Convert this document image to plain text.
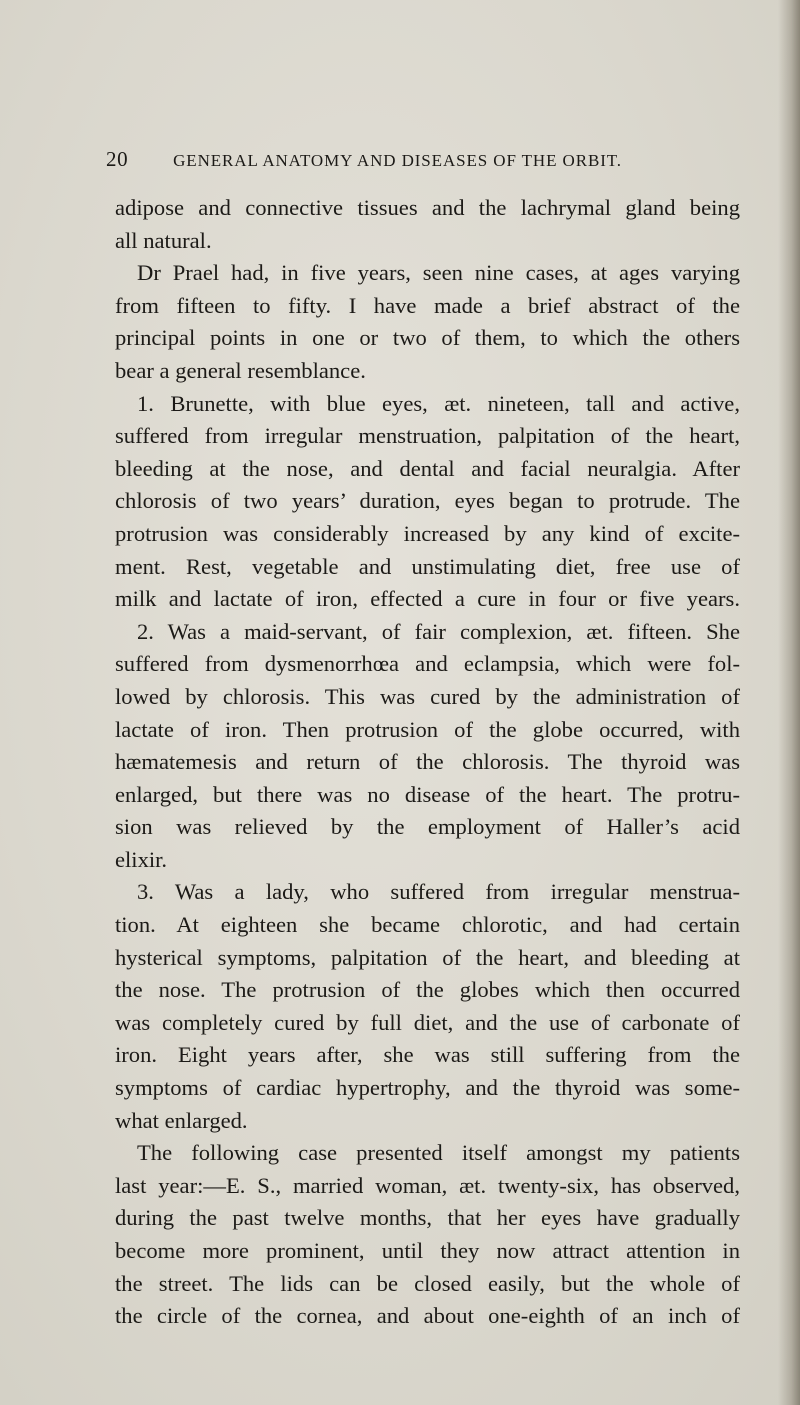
20	GENERAL ANATOMY AND DISEASES OF THE ORBIT.
adipose and connective tissues and the lachrymal gland being
all natural.
Dr Prael had, in five years, seen nine cases, at ages varying
from fifteen to fifty. I have made a brief abstract of the
principal points in one or two of them, to which the others
bear a general resemblance.
1. Brunette, with blue eyes, æt. nineteen, tall and active,
suffered from irregular menstruation, palpitation of the heart,
bleeding at the nose, and dental and facial neuralgia. After
chlorosis of two years’ duration, eyes began to protrude. The
protrusion was considerably increased by any kind of excite-
ment. Rest, vegetable and unstimulating diet, free use of
milk and lactate of iron, effected a cure in four or five years.
2. Was a maid-servant, of fair complexion, æt. fifteen. She
suffered from dysmenorrhœa and eclampsia, which were fol-
lowed by chlorosis. This was cured by the administration of
lactate of iron. Then protrusion of the globe occurred, with
hæmatemesis and return of the chlorosis. The thyroid was
enlarged, but there was no disease of the heart. The protru-
sion was relieved by the employment of Haller’s acid
elixir.
3. Was a lady, who suffered from irregular menstrua-
tion. At eighteen she became chlorotic, and had certain
hysterical symptoms, palpitation of the heart, and bleeding at
the nose. The protrusion of the globes which then occurred
was completely cured by full diet, and the use of carbonate of
iron. Eight years after, she was still suffering from the
symptoms of cardiac hypertrophy, and the thyroid was some-
what enlarged.
The following case presented itself amongst my patients
last year:—E. S., married woman, æt. twenty-six, has observed,
during the past twelve months, that her eyes have gradually
become more prominent, until they now attract attention in
the street. The lids can be closed easily, but the whole of
the circle of the cornea, and about one-eighth of an inch of
